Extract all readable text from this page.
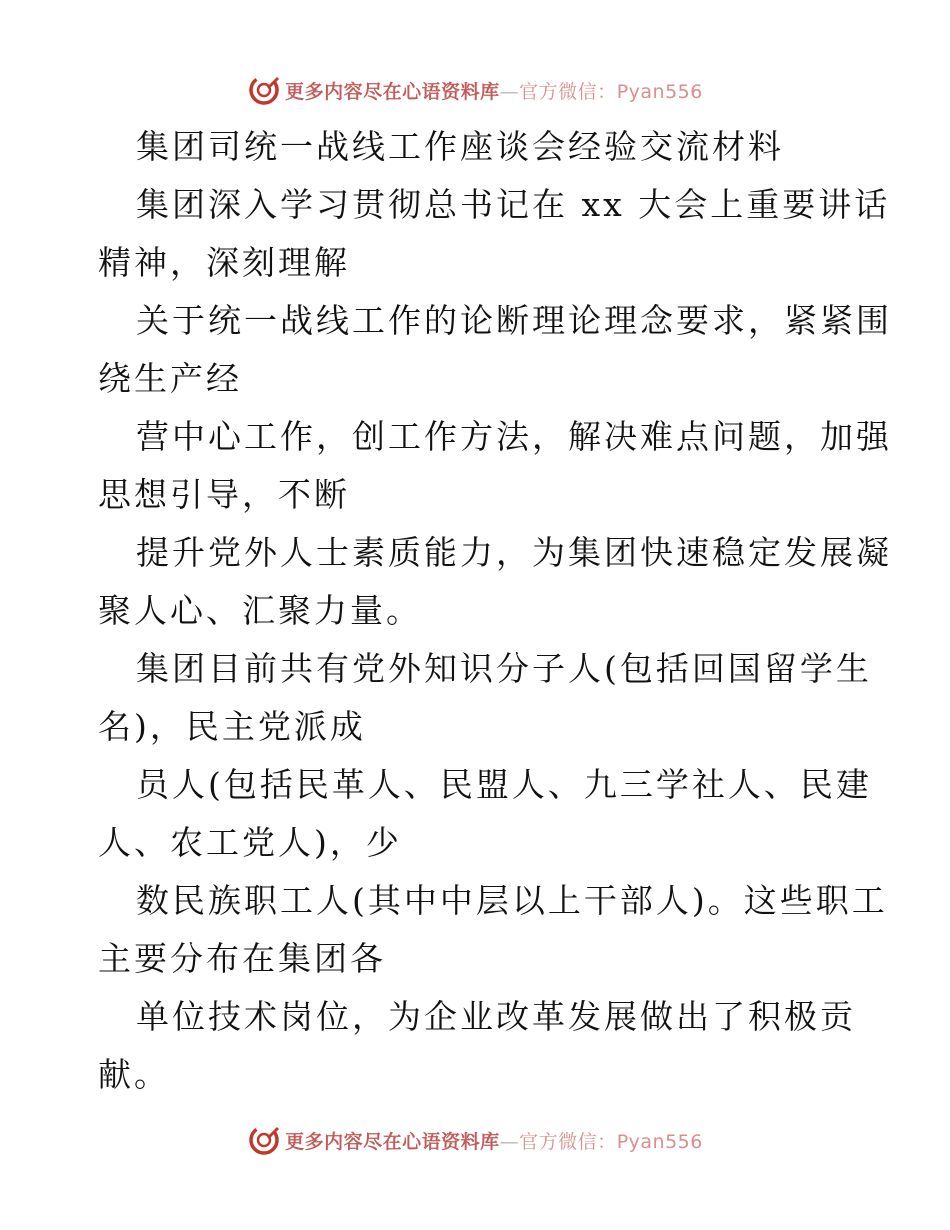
更多内容尽在心语资料库—官方微信：Pyan556
集团司统一战线工作座谈会经验交流材料
集团深入学习贯彻总书记在 xx 大会上重要讲话
精神，深刻理解
关于统一战线工作的论断理论理念要求，紧紧围
绕生产经
营中心工作，创工作方法，解决难点问题，加强
思想引导，不断
提升党外人士素质能力，为集团快速稳定发展凝
聚人心、汇聚力量。
集团目前共有党外知识分子人(包括回国留学生
名)，民主党派成
员人(包括民革人、民盟人、九三学社人、民建
人、农工党人)，少
数民族职工人(其中中层以上干部人)。这些职工
主要分布在集团各
单位技术岗位，为企业改革发展做出了积极贡
献。
更多内容尽在心语资料库—官方微信：Pyan556
